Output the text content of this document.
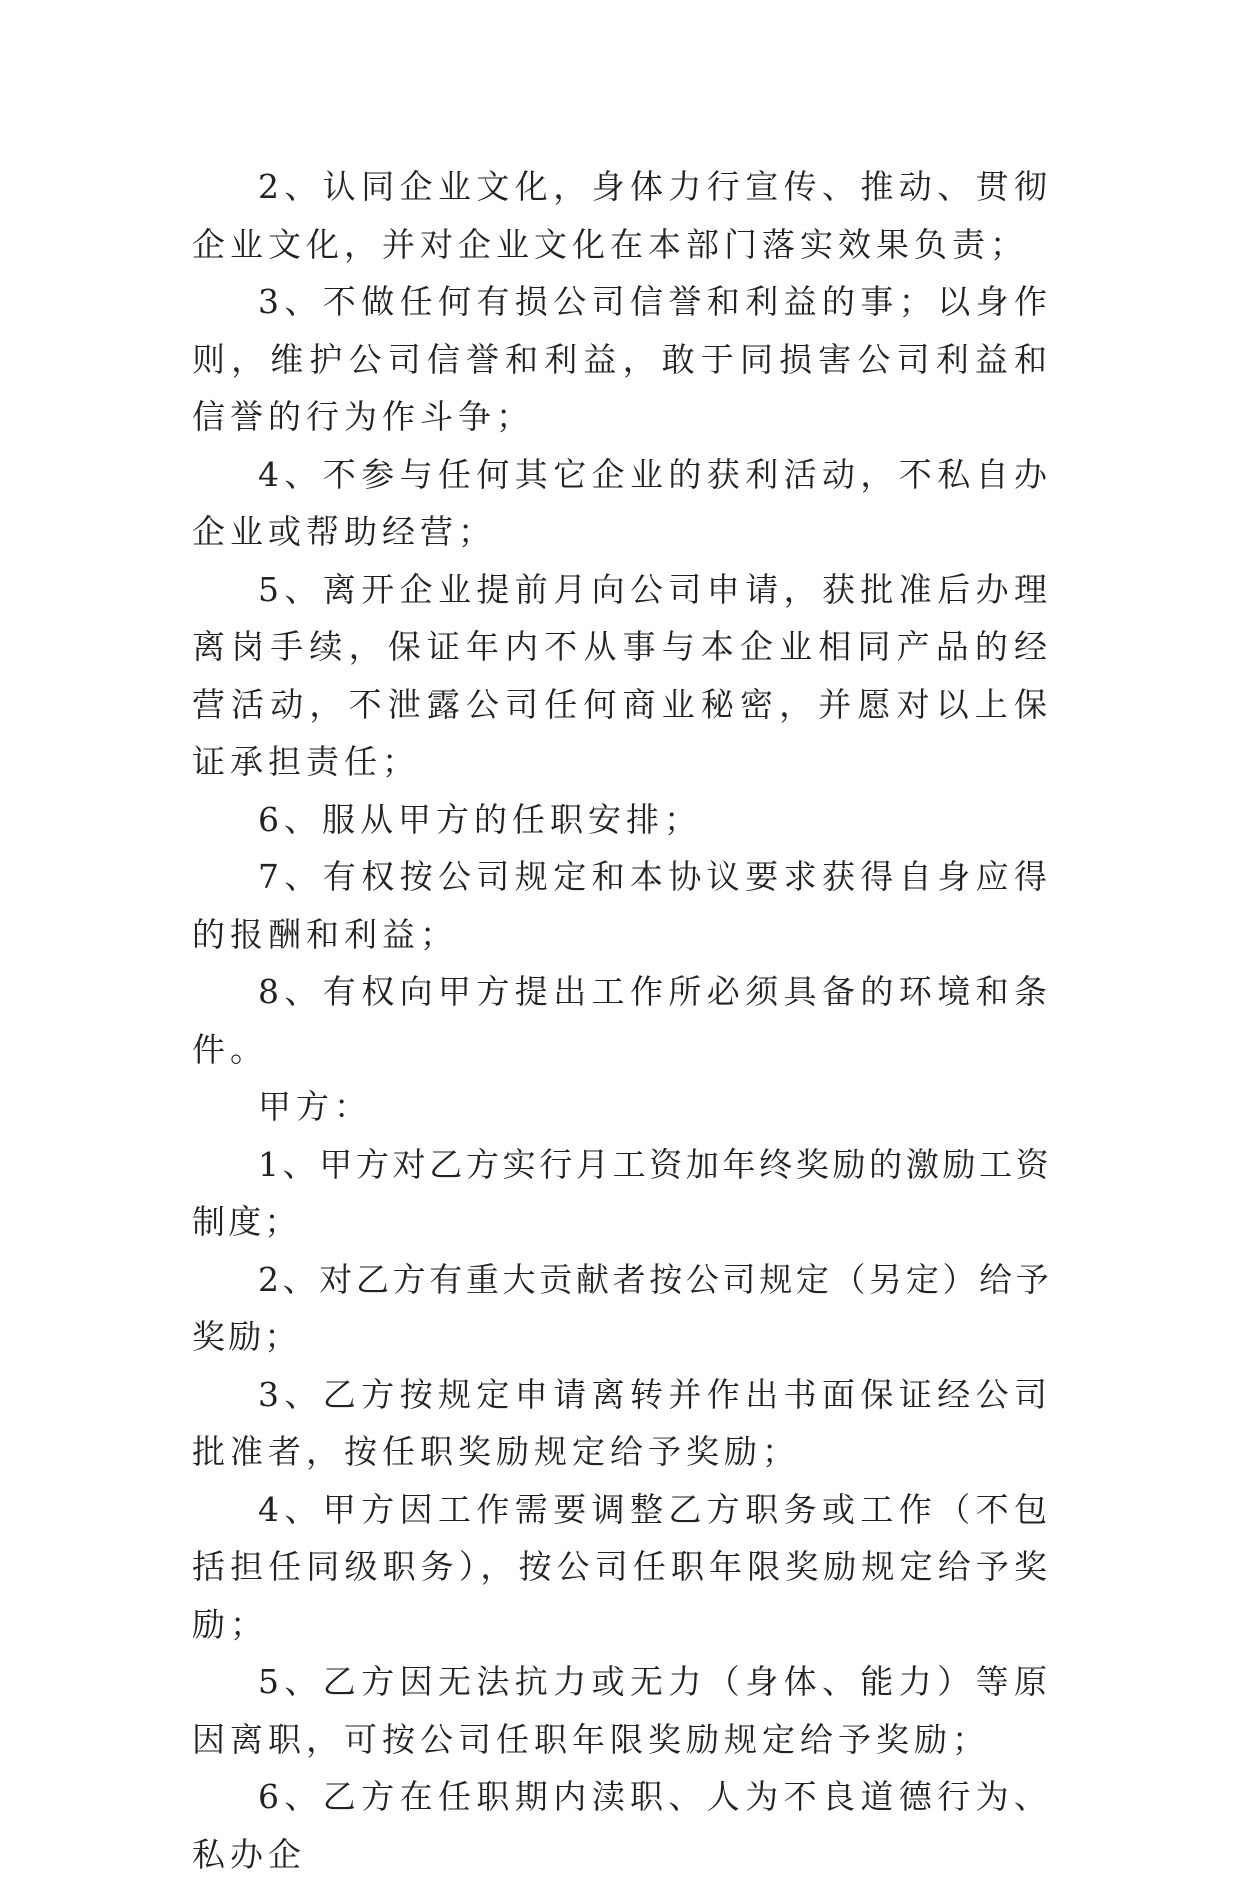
2、认同企业文化，身体力行宣传、推动、贯彻企业文化，并对企业文化在本部门落实效果负责；

3、不做任何有损公司信誉和利益的事；以身作则，维护公司信誉和利益，敢于同损害公司利益和信誉的行为作斗争；

4、不参与任何其它企业的获利活动，不私自办企业或帮助经营；

5、离开企业提前月向公司申请，获批准后办理离岗手续，保证年内不从事与本企业相同产品的经营活动，不泄露公司任何商业秘密，并愿对以上保证承担责任；

6、服从甲方的任职安排；

7、有权按公司规定和本协议要求获得自身应得的报酬和利益；

8、有权向甲方提出工作所必须具备的环境和条件。

甲方：

1、甲方对乙方实行月工资加年终奖励的激励工资制度；

2、对乙方有重大贡献者按公司规定（另定）给予奖励；

3、乙方按规定申请离转并作出书面保证经公司批准者，按任职奖励规定给予奖励；

4、甲方因工作需要调整乙方职务或工作（不包括担任同级职务），按公司任职年限奖励规定给予奖励；

5、乙方因无法抗力或无力（身体、能力）等原因离职，可按公司任职年限奖励规定给予奖励；

6、乙方在任职期内渎职、人为不良道德行为、私办企
